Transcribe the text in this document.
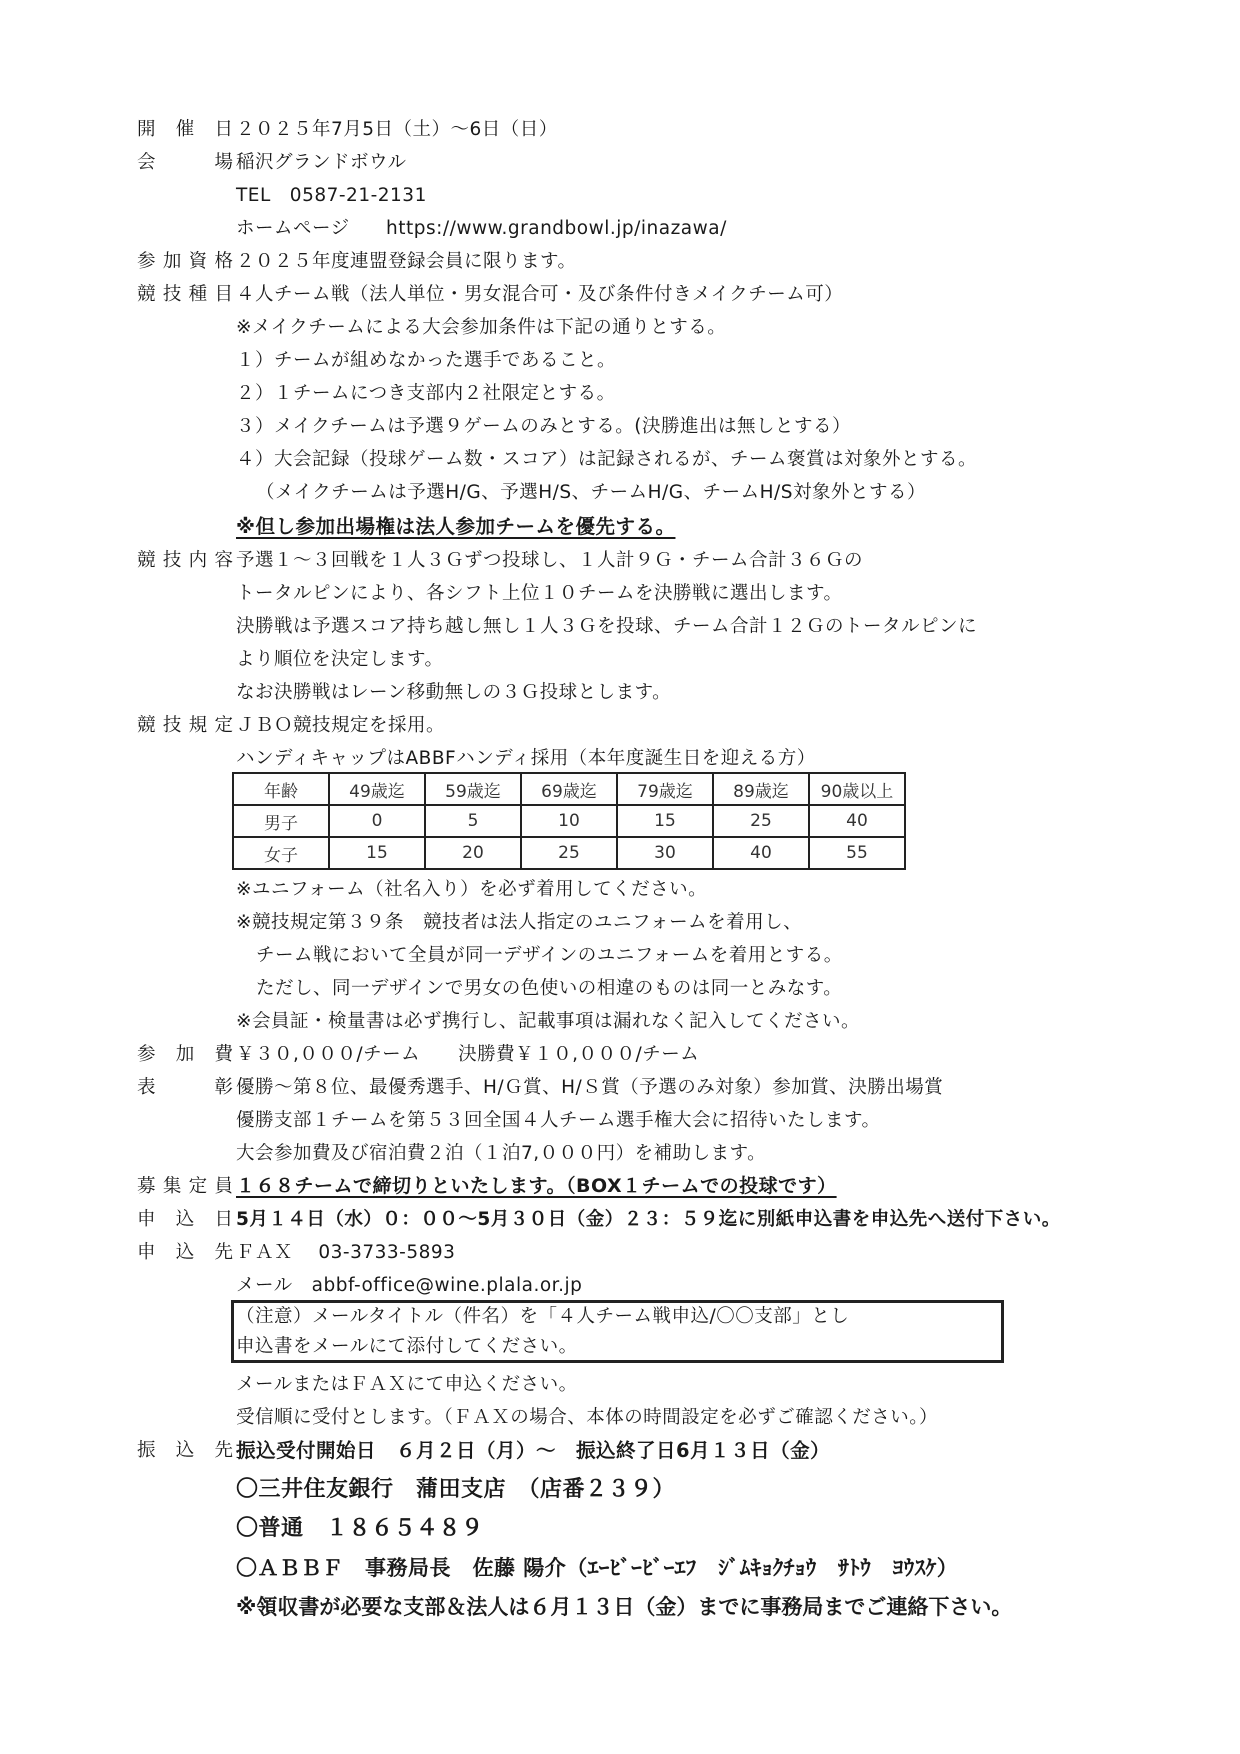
開 催 日 ２０２５年7月5日（土）～6日（日）
会	場 稲沢グランドボウル
TEL　0587-21-2131
ホームページ https://www.grandbowl.jp/inazawa/
参 加 資 格 ２０２５年度連盟登録会員に限ります。
競 技 種 目 ４人チーム戦（法人単位・男女混合可・及び条件付きメイクチーム可）
※メイクチームによる大会参加条件は下記の通りとする。
１）チームが組めなかった選手であること。
２）１チームにつき支部内２社限定とする。
３）メイクチームは予選９ゲームのみとする。(決勝進出は無しとする）
４）大会記録（投球ゲーム数・スコア）は記録されるが、チーム褒賞は対象外とする。
（メイクチームは予選H/G、予選H/S、チームH/G、チームH/S対象外とする）
※但し参加出場権は法人参加チームを優先する。
競 技 内 容 予選１～３回戦を１人３Ｇずつ投球し、１人計９Ｇ・チーム合計３６Ｇの
トータルピンにより、各シフト上位１０チームを決勝戦に選出します。
決勝戦は予選スコア持ち越し無し１人３Ｇを投球、チーム合計１２Ｇのトータルピンに
より順位を決定します。
なお決勝戦はレーン移動無しの３Ｇ投球とします。
競 技 規 定 ＪＢＯ競技規定を採用。
ハンディキャップはABBFハンディ採用（本年度誕生日を迎える方）
年齢	49歳迄	59歳迄	69歳迄	79歳迄	89歳迄	90歳以上
男子	0	5	10	15	25	40
女子	15	20	25	30	40	55
※ユニフォーム（社名入り）を必ず着用してください。
※競技規定第３９条　競技者は法人指定のユニフォームを着用し、
チーム戦において全員が同一デザインのユニフォームを着用とする。
ただし、同一デザインで男女の色使いの相違のものは同一とみなす。
※会員証・検量書は必ず携行し、記載事項は漏れなく記入してください。
参 加 費 ￥３０,０００/チーム　　決勝費￥１０,０００/チーム
表	彰 優勝～第８位、最優秀選手、H/Ｇ賞、H/Ｓ賞（予選のみ対象）参加賞、決勝出場賞
優勝支部１チームを第５３回全国４人チーム選手権大会に招待いたします。
大会参加費及び宿泊費２泊（１泊7,０００円）を補助します。
募 集 定 員 １６８チームで締切りといたします。（BOX１チームでの投球です）
申 込 日 5月１４日（水）０：００～5月３０日（金）２３：５９迄に別紙申込書を申込先へ送付下さい。
申 込 先 ＦＡＸ　 03-3733-5893
メール　abbf-office@wine.plala.or.jp
（注意）メールタイトル（件名）を「４人チーム戦申込/〇〇支部」とし
申込書をメールにて添付してください。
メールまたはＦＡＸにて申込ください。
受信順に受付とします。（ＦＡＸの場合、本体の時間設定を必ずご確認ください。）
振 込 先 振込受付開始日　６月２日（月）～　振込終了日6月１３日（金）
〇三井住友銀行　蒲田支店　（店番２３９）
〇普通　１８６５４８９
〇ＡＢＢＦ　事務局長　佐藤 陽介（ｴｰﾋﾞｰﾋﾞｰｴﾌ　ｼﾞﾑｷｮｸﾁｮｳ　ｻﾄｳ　ﾖｳｽｹ）
※領収書が必要な支部＆法人は６月１３日（金）までに事務局までご連絡下さい。
